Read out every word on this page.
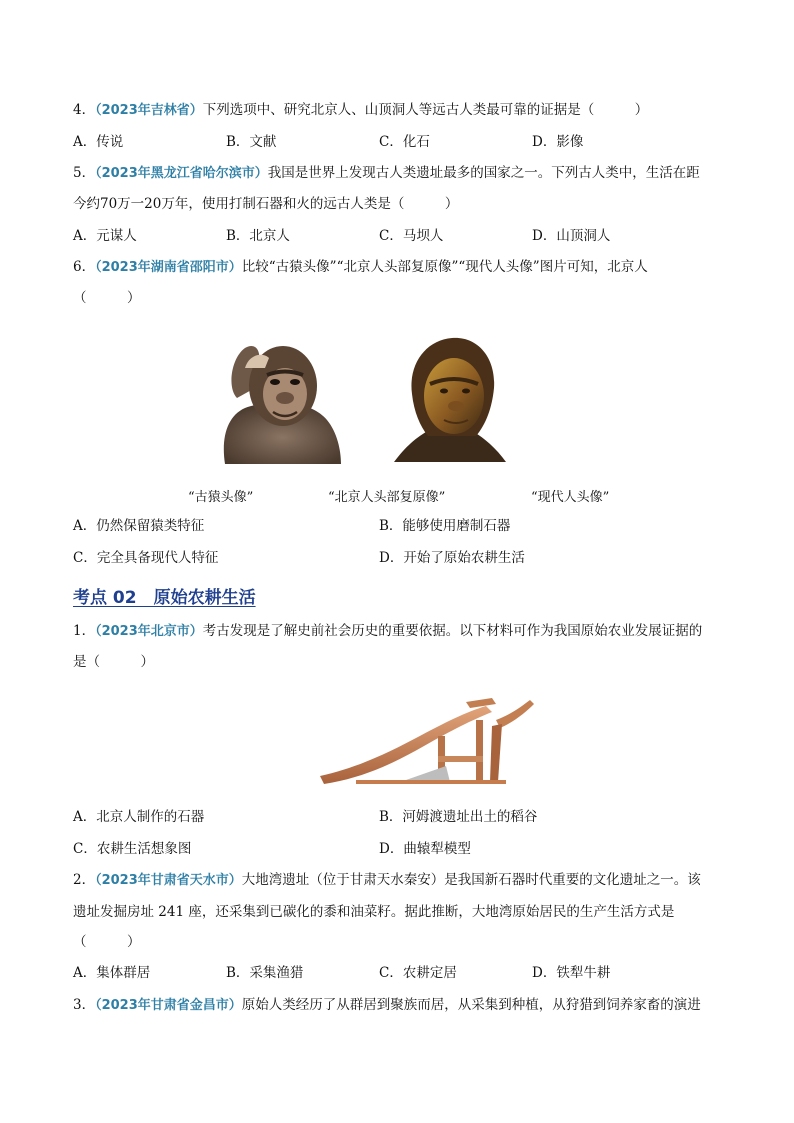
4．（2023年吉林省）下列选项中、研究北京人、山顶洞人等远古人类最可靠的证据是（　　　）
A．传说	B．文献	C．化石	D．影像
5．（2023年黑龙江省哈尔滨市）我国是世界上发现古人类遗址最多的国家之一。下列古人类中，生活在距
今约70万一20万年，使用打制石器和火的远古人类是（　　　）
A．元谋人	B．北京人	C．马坝人	D．山顶洞人
6．（2023年湖南省邵阳市）比较“古猿头像”“北京人头部复原像”“现代人头像”图片可知，北京人
（　　　）
“古猿头像”	“北京人头部复原像”	“现代人头像”
A．仍然保留猿类特征	B．能够使用磨制石器
C．完全具备现代人特征	D．开始了原始农耕生活
考点 02　原始农耕生活
1．（2023年北京市）考古发现是了解史前社会历史的重要依据。以下材料可作为我国原始农业发展证据的
是（　　　）
A．北京人制作的石器	B．河姆渡遗址出土的稻谷
C．农耕生活想象图	D．曲辕犁模型
2．（2023年甘肃省天水市）大地湾遗址（位于甘肃天水秦安）是我国新石器时代重要的文化遗址之一。该
遗址发掘房址 241 座，还采集到已碳化的黍和油菜籽。据此推断，大地湾原始居民的生产生活方式是
（　　　）
A．集体群居	B．采集渔猎	C．农耕定居	D．铁犁牛耕
3．（2023年甘肃省金昌市）原始人类经历了从群居到聚族而居，从采集到种植，从狩猎到饲养家畜的演进
